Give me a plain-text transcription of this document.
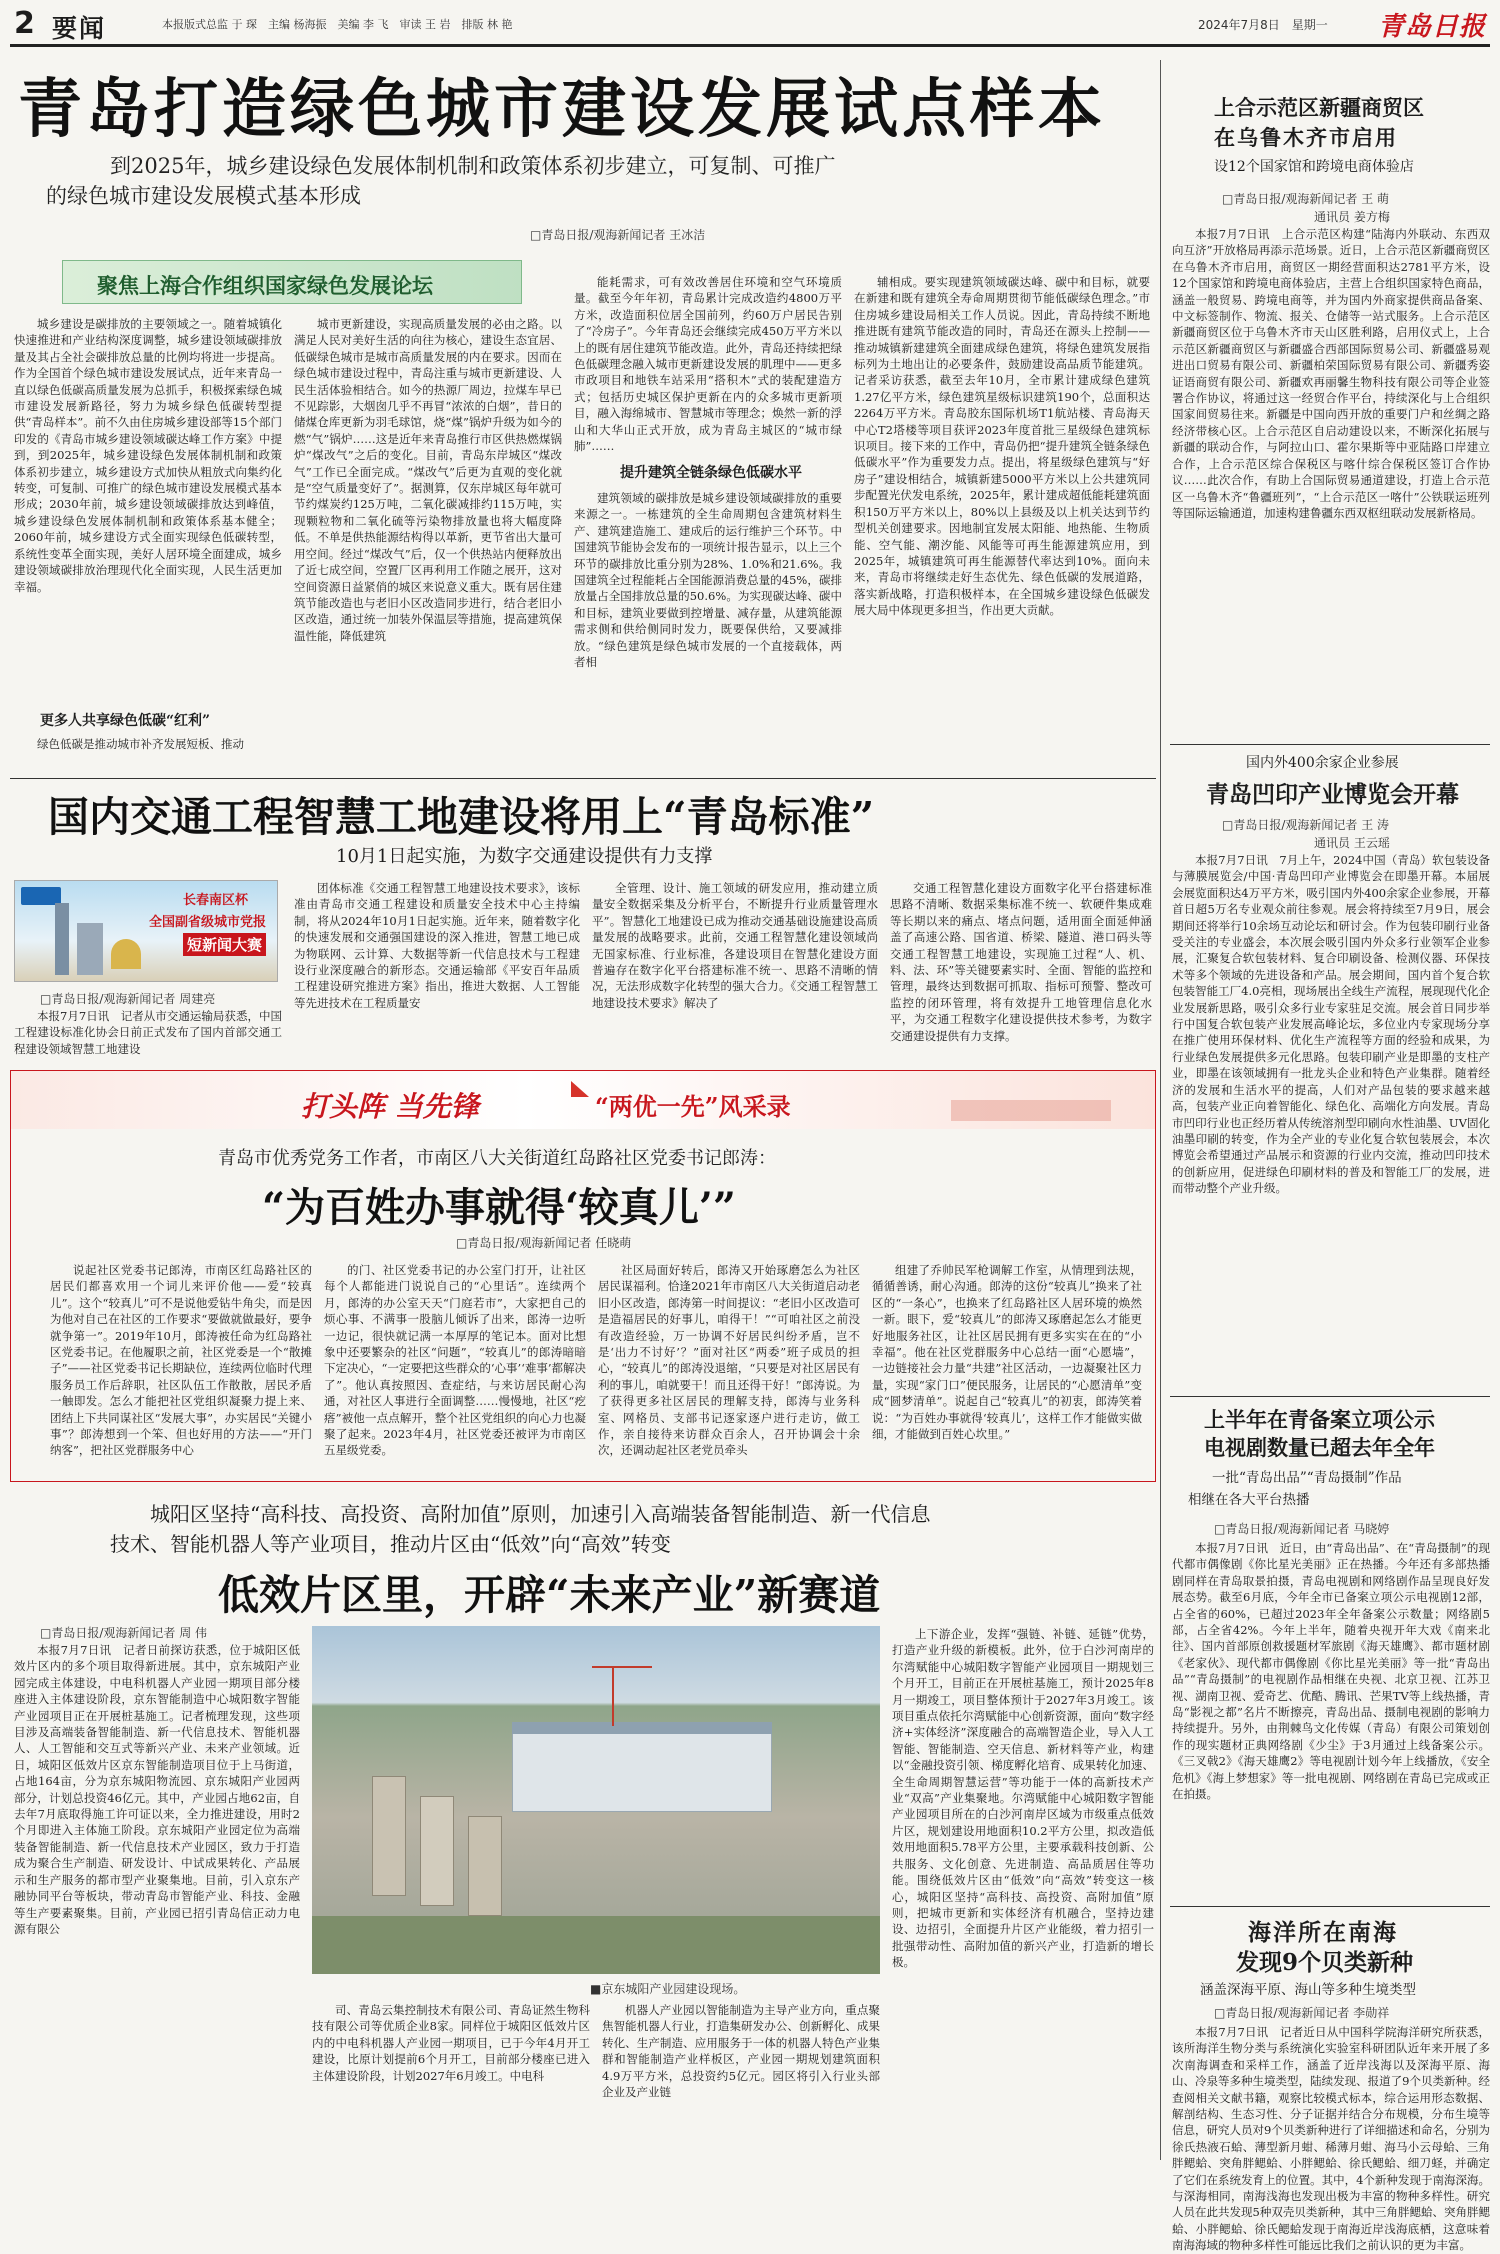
2 要闻	本报版式总监 于 琛　主编 杨海振　美编 李 飞　审读 王 岩　排版 林 艳	2024年7月8日　星期一 青岛日报
青岛打造绿色城市建设发展试点样本
到2025年，城乡建设绿色发展体制机制和政策体系初步建立，可复制、可推广
的绿色城市建设发展模式基本形成
□青岛日报/观海新闻记者 王冰洁
聚焦上海合作组织国家绿色发展论坛

城乡建设是碳排放的主要领域之一。随着城镇化快速推进和产业结构深度调整，城乡建设领域碳排放量及其占全社会碳排放总量的比例均将进一步提高。作为全国首个绿色城市建设发展试点，近年来青岛一直以绿色低碳高质量发展为总抓手，积极探索绿色城市建设发展新路径，努力为城乡绿色低碳转型提供“青岛样本”。前不久由住房城乡建设部等15个部门印发的《青岛市城乡建设领域碳达峰工作方案》中提到，到2025年，城乡建设绿色发展体制机制和政策体系初步建立，城乡建设方式加快从粗放式向集约化转变，可复制、可推广的绿色城市建设发展模式基本形成；2030年前，城乡建设领域碳排放达到峰值，城乡建设绿色发展体制机制和政策体系基本健全；2060年前，城乡建设方式全面实现绿色低碳转型，系统性变革全面实现，美好人居环境全面建成，城乡建设领域碳排放治理现代化全面实现，人民生活更加幸福。

更多人共享绿色低碳“红利”

绿色低碳是推动城市补齐发展短板、推动

城市更新建设，实现高质量发展的必由之路。以满足人民对美好生活的向往为核心，建设生态宜居、低碳绿色城市是城市高质量发展的内在要求。因而在绿色城市建设过程中，青岛注重与城市更新建设、人民生活体验相结合。如今的热源厂周边，拉煤车早已不见踪影，大烟囱几乎不再冒“浓浓的白烟”，昔日的储煤仓库更新为羽毛球馆，烧“煤”锅炉升级为如今的燃“气”锅炉……这是近年来青岛推行市区供热燃煤锅炉“煤改气”之后的变化。目前，青岛东岸城区“煤改气”工作已全面完成。“煤改气”后更为直观的变化就是“空气质量变好了”。据测算，仅东岸城区每年就可节约煤炭约125万吨，二氧化碳减排约115万吨，实现颗粒物和二氧化硫等污染物排放量也将大幅度降低。不单是供热能源结构得以革新，更节省出大量可用空间。经过“煤改气”后，仅一个供热站内便释放出了近七成空间，空置厂区再利用工作随之展开，这对空间资源日益紧俏的城区来说意义重大。既有居住建筑节能改造也与老旧小区改造同步进行，结合老旧小区改造，通过统一加装外保温层等措施，提高建筑保温性能，降低建筑

能耗需求，可有效改善居住环境和空气环境质量。截至今年年初，青岛累计完成改造约4800万平方米，改造面积位居全国前列，约60万户居民告别了“冷房子”。今年青岛还会继续完成450万平方米以上的既有居住建筑节能改造。此外，青岛还持续把绿色低碳理念融入城市更新建设发展的肌理中——更多市政项目和地铁车站采用“搭积木”式的装配建造方式；包括历史城区保护更新在内的众多城市更新项目，融入海绵城市、智慧城市等理念；焕然一新的浮山和大华山正式开放，成为青岛主城区的“城市绿肺”……

提升建筑全链条绿色低碳水平

建筑领域的碳排放是城乡建设领域碳排放的重要来源之一。一栋建筑的全生命周期包含建筑材料生产、建筑建造施工、建成后的运行维护三个环节。中国建筑节能协会发布的一项统计报告显示，以上三个环节的碳排放比重分别为28%、1.0%和21.6%。我国建筑全过程能耗占全国能源消费总量的45%，碳排放量占全国排放总量的50.6%。为实现碳达峰、碳中和目标，建筑业要做到控增量、减存量，从建筑能源需求侧和供给侧同时发力，既要保供给，又要减排放。“绿色建筑是绿色城市发展的一个直接载体，两者相

辅相成。要实现建筑领域碳达峰、碳中和目标，就要在新建和既有建筑全寿命周期贯彻节能低碳绿色理念。”市住房城乡建设局相关工作人员说。因此，青岛持续不断地推进既有建筑节能改造的同时，青岛还在源头上控制——推动城镇新建建筑全面建成绿色建筑，将绿色建筑发展指标列为土地出让的必要条件，鼓励建设高品质节能建筑。记者采访获悉，截至去年10月，全市累计建成绿色建筑1.27亿平方米，绿色建筑星级标识建筑190个，总面积达2264万平方米。青岛胶东国际机场T1航站楼、青岛海天中心T2塔楼等项目获评2023年度首批三星级绿色建筑标识项目。接下来的工作中，青岛仍把“提升建筑全链条绿色低碳水平”作为重要发力点。提出，将星级绿色建筑与“好房子”建设相结合，城镇新建5000平方米以上公共建筑同步配置光伏发电系统，2025年，累计建成超低能耗建筑面积150万平方米以上，80%以上县级及以上机关达到节约型机关创建要求。因地制宜发展太阳能、地热能、生物质能、空气能、潮汐能、风能等可再生能源建筑应用，到2025年，城镇建筑可再生能源替代率达到10%。面向未来，青岛市将继续走好生态优先、绿色低碳的发展道路，落实新战略，打造积极样本，在全国城乡建设绿色低碳发展大局中体现更多担当，作出更大贡献。

上合示范区新疆商贸区
在乌鲁木齐市启用
设12个国家馆和跨境电商体验店
□青岛日报/观海新闻记者 王 萌
通讯员 姜方梅

本报7月7日讯　上合示范区构建“陆海内外联动、东西双向互济”开放格局再添示范场景。近日，上合示范区新疆商贸区在乌鲁木齐市启用，商贸区一期经营面积达2781平方米，设12个国家馆和跨境电商体验店，主营上合组织国家特色商品，涵盖一般贸易、跨境电商等，并为国内外商家提供商品备案、中文标签制作、物流、报关、仓储等一站式服务。上合示范区新疆商贸区位于乌鲁木齐市天山区胜利路，启用仪式上，上合示范区新疆商贸区与新疆盛合西部国际贸易公司、新疆盛易观进出口贸易有限公司、新疆柏荣国际贸易有限公司、新疆秀姿证语商贸有限公司、新疆欢再丽馨生物科技有限公司等企业签署合作协议，将通过这一经贸合作平台，持续深化与上合组织国家间贸易往来。新疆是中国向西开放的重要门户和丝绸之路经济带核心区。上合示范区自启动建设以来，不断深化拓展与新疆的联动合作，与阿拉山口、霍尔果斯等中亚陆路口岸建立合作，上合示范区综合保税区与喀什综合保税区签订合作协议……此次合作，有助上合国际贸易通道建设，打造上合示范区一乌鲁木齐“鲁疆班列”，“上合示范区一喀什”公铁联运班列等国际运输通道，加速构建鲁疆东西双枢纽联动发展新格局。

国内外400余家企业参展
青岛凹印产业博览会开幕
□青岛日报/观海新闻记者 王 涛
通讯员 王云瑶

本报7月7日讯　7月上午，2024中国（青岛）软包装设备与薄膜展览会/中国·青岛凹印产业博览会在即墨开幕。本届展会展览面积达4万平方米，吸引国内外400余家企业参展，开幕首日超5万名专业观众前往参观。展会将持续至7月9日，展会期间还将举行10余场互动论坛和研讨会。作为包装印刷行业备受关注的专业盛会，本次展会吸引国内外众多行业领军企业参展，汇聚复合软包装材料、复合印刷设备、检测仪器、环保技术等多个领域的先进设备和产品。展会期间，国内首个复合软包装智能工厂4.0亮相，现场展出全线生产流程，展现现代化企业发展新思路，吸引众多行业专家驻足交流。展会首日同步举行中国复合软包装产业发展高峰论坛，多位业内专家现场分享在推广使用环保材料、优化生产流程等方面的经验和成果，为行业绿色发展提供多元化思路。包装印刷产业是即墨的支柱产业，即墨在该领域拥有一批龙头企业和特色产业集群。随着经济的发展和生活水平的提高，人们对产品包装的要求越来越高，包装产业正向着智能化、绿色化、高端化方向发展。青岛市凹印行业也正经历着从传统溶剂型印刷向水性油墨、UV固化油墨印刷的转变，作为全产业的专业化复合软包装展会，本次博览会希望通过产品展示和资源的行业内交流，推动凹印技术的创新应用，促进绿色印刷材料的普及和智能工厂的发展，进而带动整个产业升级。

上半年在青备案立项公示
电视剧数量已超去年全年
一批“青岛出品”“青岛摄制”作品
相继在各大平台热播
□青岛日报/观海新闻记者 马晓婷

本报7月7日讯　近日，由“青岛出品”、在“青岛摄制”的现代都市偶像剧《你比星光美丽》正在热播。今年还有多部热播剧同样在青岛取景拍摄，青岛电视剧和网络剧作品呈现良好发展态势。截至6月底，今年全市已备案立项公示电视剧12部，占全省的60%，已超过2023年全年备案公示数量；网络剧5部，占全省42%。今年上半年，随着央视开年大戏《南来北往》、国内首部原创救援题材军旅剧《海天雄鹰》、都市题材剧《老家伙》、现代都市偶像剧《你比星光美丽》等一批“青岛出品”“青岛摄制”的电视剧作品相继在央视、北京卫视、江苏卫视、湖南卫视、爱奇艺、优酷、腾讯、芒果TV等上线热播，青岛“影视之都”名片不断擦亮，青岛出品、摄制电视剧的影响力持续提升。另外，由荆棘鸟文化传媒（青岛）有限公司策划创作的现实题材正典网络剧《少尘》于3月通过上线备案公示。《三叉戟2》《海天雄鹰2》等电视剧计划今年上线播放，《安全危机》《海上梦想家》等一批电视剧、网络剧在青岛已完成或正在拍摄。

海洋所在南海
发现9个贝类新种
涵盖深海平原、海山等多种生境类型
□青岛日报/观海新闻记者 李勋祥

本报7月7日讯　记者近日从中国科学院海洋研究所获悉，该所海洋生物分类与系统演化实验室科研团队近年来开展了多次南海调查和采样工作，涵盖了近岸浅海以及深海平原、海山、冷泉等多种生境类型，陆续发现、报道了9个贝类新种。经查阅相关文献书籍，观察比较模式标本，综合运用形态数据、解剖结构、生态习性、分子证据并结合分布规模，分布生境等信息，研究人员对9个贝类新种进行了详细描述和命名，分别为徐氏热液石蛤、薄型新月蚶、稀薄月蚶、海马小云母蛤、三角胖鳃蛤、突角胖鳃蛤、小胖鳃蛤、徐氏鳃蛤、细刀蛏，并确定了它们在系统发育上的位置。其中，4个新种发现于南海深海。与深海相同，南海浅海也发现出极为丰富的物种多样性。研究人员在此共发现5种双壳贝类新种，其中三角胖鳃蛤、突角胖鳃蛤、小胖鳃蛤、徐氏鳃蛤发现于南海近岸浅海底栖，这意味着南海海域的物种多样性可能远比我们之前认识的更为丰富。

国内交通工程智慧工地建设将用上“青岛标准”
10月1日起实施，为数字交通建设提供有力支撑
长春南区杯
全国副省级城市党报
短新闻大赛
□青岛日报/观海新闻记者 周建亮

本报7月7日讯　记者从市交通运输局获悉，中国工程建设标准化协会日前正式发布了国内首部交通工程建设领域智慧工地建设

团体标准《交通工程智慧工地建设技术要求》，该标准由青岛市交通工程建设和质量安全技术中心主持编制，将从2024年10月1日起实施。近年来，随着数字化的快速发展和交通强国建设的深入推进，智慧工地已成为物联网、云计算、大数据等新一代信息技术与工程建设行业深度融合的新形态。交通运输部《平安百年品质工程建设研究推进方案》指出，推进大数据、人工智能等先进技术在工程质量安

全管理、设计、施工领域的研发应用，推动建立质量安全数据采集及分析平台，不断提升行业质量管理水平”。智慧化工地建设已成为推动交通基础设施建设高质量发展的战略要求。此前，交通工程智慧化建设领域尚无国家标准、行业标准，各建设项目在智慧化建设方面普遍存在数字化平台搭建标准不统一、思路不清晰的情况，无法形成数字化转型的强大合力。《交通工程智慧工地建设技术要求》解决了

交通工程智慧化建设方面数字化平台搭建标准思路不清晰、数据采集标准不统一、软硬件集成难等长期以来的痛点、堵点问题，适用面全面延伸涵盖了高速公路、国省道、桥梁、隧道、港口码头等交通工程智慧工地建设，实现施工过程“人、机、料、法、环”等关键要素实时、全面、智能的监控和管理，最终达到数据可抓取、指标可预警、整改可监控的闭环管理，将有效提升工地管理信息化水平，为交通工程数字化建设提供技术参考，为数字交通建设提供有力支撑。

打头阵 当先锋	“两优一先”风采录
青岛市优秀党务工作者，市南区八大关街道红岛路社区党委书记郎涛：
“为百姓办事就得‘较真儿’”
□青岛日报/观海新闻记者 任晓萌

说起社区党委书记郎涛，市南区红岛路社区的居民们都喜欢用一个词儿来评价他——爱“较真儿”。这个“较真儿”可不是说他爱钻牛角尖，而是因为他对自己在社区的工作要求“要做就做最好，要争就争第一”。2019年10月，郎涛被任命为红岛路社区党委书记。在他履职之前，社区党委是一个“散摊子”——社区党委书记长期缺位，连续两位临时代理服务员工作后辞职，社区队伍工作散散，居民矛盾一触即发。怎么才能把社区党组织凝聚力提上来、团结上下共同谋社区“发展大事”，办实居民“关键小事”？郎涛想到一个笨、但也好用的方法——“开门纳客”，把社区党群服务中心

的门、社区党委书记的办公室门打开，让社区每个人都能进门说说自己的“心里话”。连续两个月，郎涛的办公室天天“门庭若市”，大家把自己的烦心事、不满事一股脑儿倾诉了出来，郎涛一边听一边记，很快就记满一本厚厚的笔记本。面对比想象中还要繁杂的社区“问题”，“较真儿”的郎涛暗暗下定决心，“一定要把这些群众的‘心事’‘难事’都解决了”。他认真按照因、查症结，与来访居民耐心沟通，对社区人事进行全面调整……慢慢地，社区“疙瘩”被他一点点解开，整个社区党组织的向心力也凝聚了起来。2023年4月，社区党委还被评为市南区五星级党委。

社区局面好转后，郎涛又开始琢磨怎么为社区居民谋福利。恰逢2021年市南区八大关街道启动老旧小区改造，郎涛第一时间提议：“老旧小区改造可是造福居民的好事儿，咱得干！”“可咱社区之前没有改造经验，万一协调不好居民纠纷矛盾，岂不是‘出力不讨好’？”面对社区“两委”班子成员的担心，“较真儿”的郎涛没退缩，“只要是对社区居民有利的事儿，咱就要干！而且还得干好！”郎涛说。为了获得更多社区居民的理解支持，郎涛与业务科室、网格员、支部书记逐家逐户进行走访，做工作，亲自接待来访群众百余人，召开协调会十余次，还调动起社区老党员牵头

组建了乔帅民军枪调解工作室，从情理到法规，循循善诱，耐心沟通。郎涛的这份“较真儿”换来了社区的“一条心”，也换来了红岛路社区人居环境的焕然一新。眼下，爱“较真儿”的郎涛又琢磨起怎么才能更好地服务社区，让社区居民拥有更多实实在在的“小幸福”。他在社区党群服务中心总结一面“心愿墙”，一边链接社会力量“共建”社区活动，一边凝聚社区力量，实现“家门口”便民服务，让居民的“心愿清单”变成“圆梦清单”。说起自己“较真儿”的初衷，郎涛笑着说：“为百姓办事就得‘较真儿’，这样工作才能做实做细，才能做到百姓心坎里。”

城阳区坚持“高科技、高投资、高附加值”原则，加速引入高端装备智能制造、新一代信息
技术、智能机器人等产业项目，推动片区由“低效”向“高效”转变
低效片区里，开辟“未来产业”新赛道
□青岛日报/观海新闻记者 周 伟

本报7月7日讯　记者日前探访获悉，位于城阳区低效片区内的多个项目取得新进展。其中，京东城阳产业园完成主体建设，中电科机器人产业园一期项目部分楼座进入主体建设阶段，京东智能制造中心城阳数字智能产业园项目正在开展桩基施工。记者梳理发现，这些项目涉及高端装备智能制造、新一代信息技术、智能机器人、人工智能和交互式等新兴产业、未来产业领域。近日，城阳区低效片区京东智能制造项目位于上马街道，占地164亩，分为京东城阳物流园、京东城阳产业园两部分，计划总投资46亿元。其中，产业园占地62亩，自去年7月底取得施工许可证以来，全力推进建设，用时2个月即进入主体施工阶段。京东城阳产业园定位为高端装备智能制造、新一代信息技术产业园区，致力于打造成为聚合生产制造、研发设计、中试成果转化、产品展示和生产服务的都市型产业聚集地。目前，引入京东产融协同平台等板块，带动青岛市智能产业、科技、金融等生产要素聚集。目前，产业园已招引青岛信正动力电源有限公

■京东城阳产业园建设现场。

司、青岛云集控制技术有限公司、青岛证然生物科技有限公司等优质企业8家。同样位于城阳区低效片区内的中电科机器人产业园一期项目，已于今年4月开工建设，比原计划提前6个月开工，目前部分楼座已进入主体建设阶段，计划2027年6月竣工。中电科

机器人产业园以智能制造为主导产业方向，重点聚焦智能机器人行业，打造集研发办公、创新孵化、成果转化、生产制造、应用服务于一体的机器人特色产业集群和智能制造产业样板区，产业园一期规划建筑面积4.9万平方米，总投资约5亿元。园区将引入行业头部企业及产业链

上下游企业，发挥“强链、补链、延链”优势，打造产业升级的新模板。此外，位于白沙河南岸的尔湾赋能中心城阳数字智能产业园项目一期规划三个月开工，目前正在开展桩基施工，预计2025年8月一期竣工，项目整体预计于2027年3月竣工。该项目重点依托尔湾赋能中心创新资源，面向“数字经济+实体经济”深度融合的高端智造企业，导入人工智能、智能制造、空天信息、新材料等产业，构建以“金融投资引领、梯度孵化培育、成果转化加速、全生命周期智慧运营”等功能于一体的高新技术产业“双高”产业集聚地。尔湾赋能中心城阳数字智能产业园项目所在的白沙河南岸区域为市级重点低效片区，规划建设用地面积10.2平方公里，拟改造低效用地面积5.78平方公里，主要承载科技创新、公共服务、文化创意、先进制造、高品质居住等功能。围绕低效片区由“低效”向“高效”转变这一核心，城阳区坚持“高科技、高投资、高附加值”原则，把城市更新和实体经济有机融合，坚持边建设、边招引，全面提升片区产业能级，着力招引一批强带动性、高附加值的新兴产业，打造新的增长极。
